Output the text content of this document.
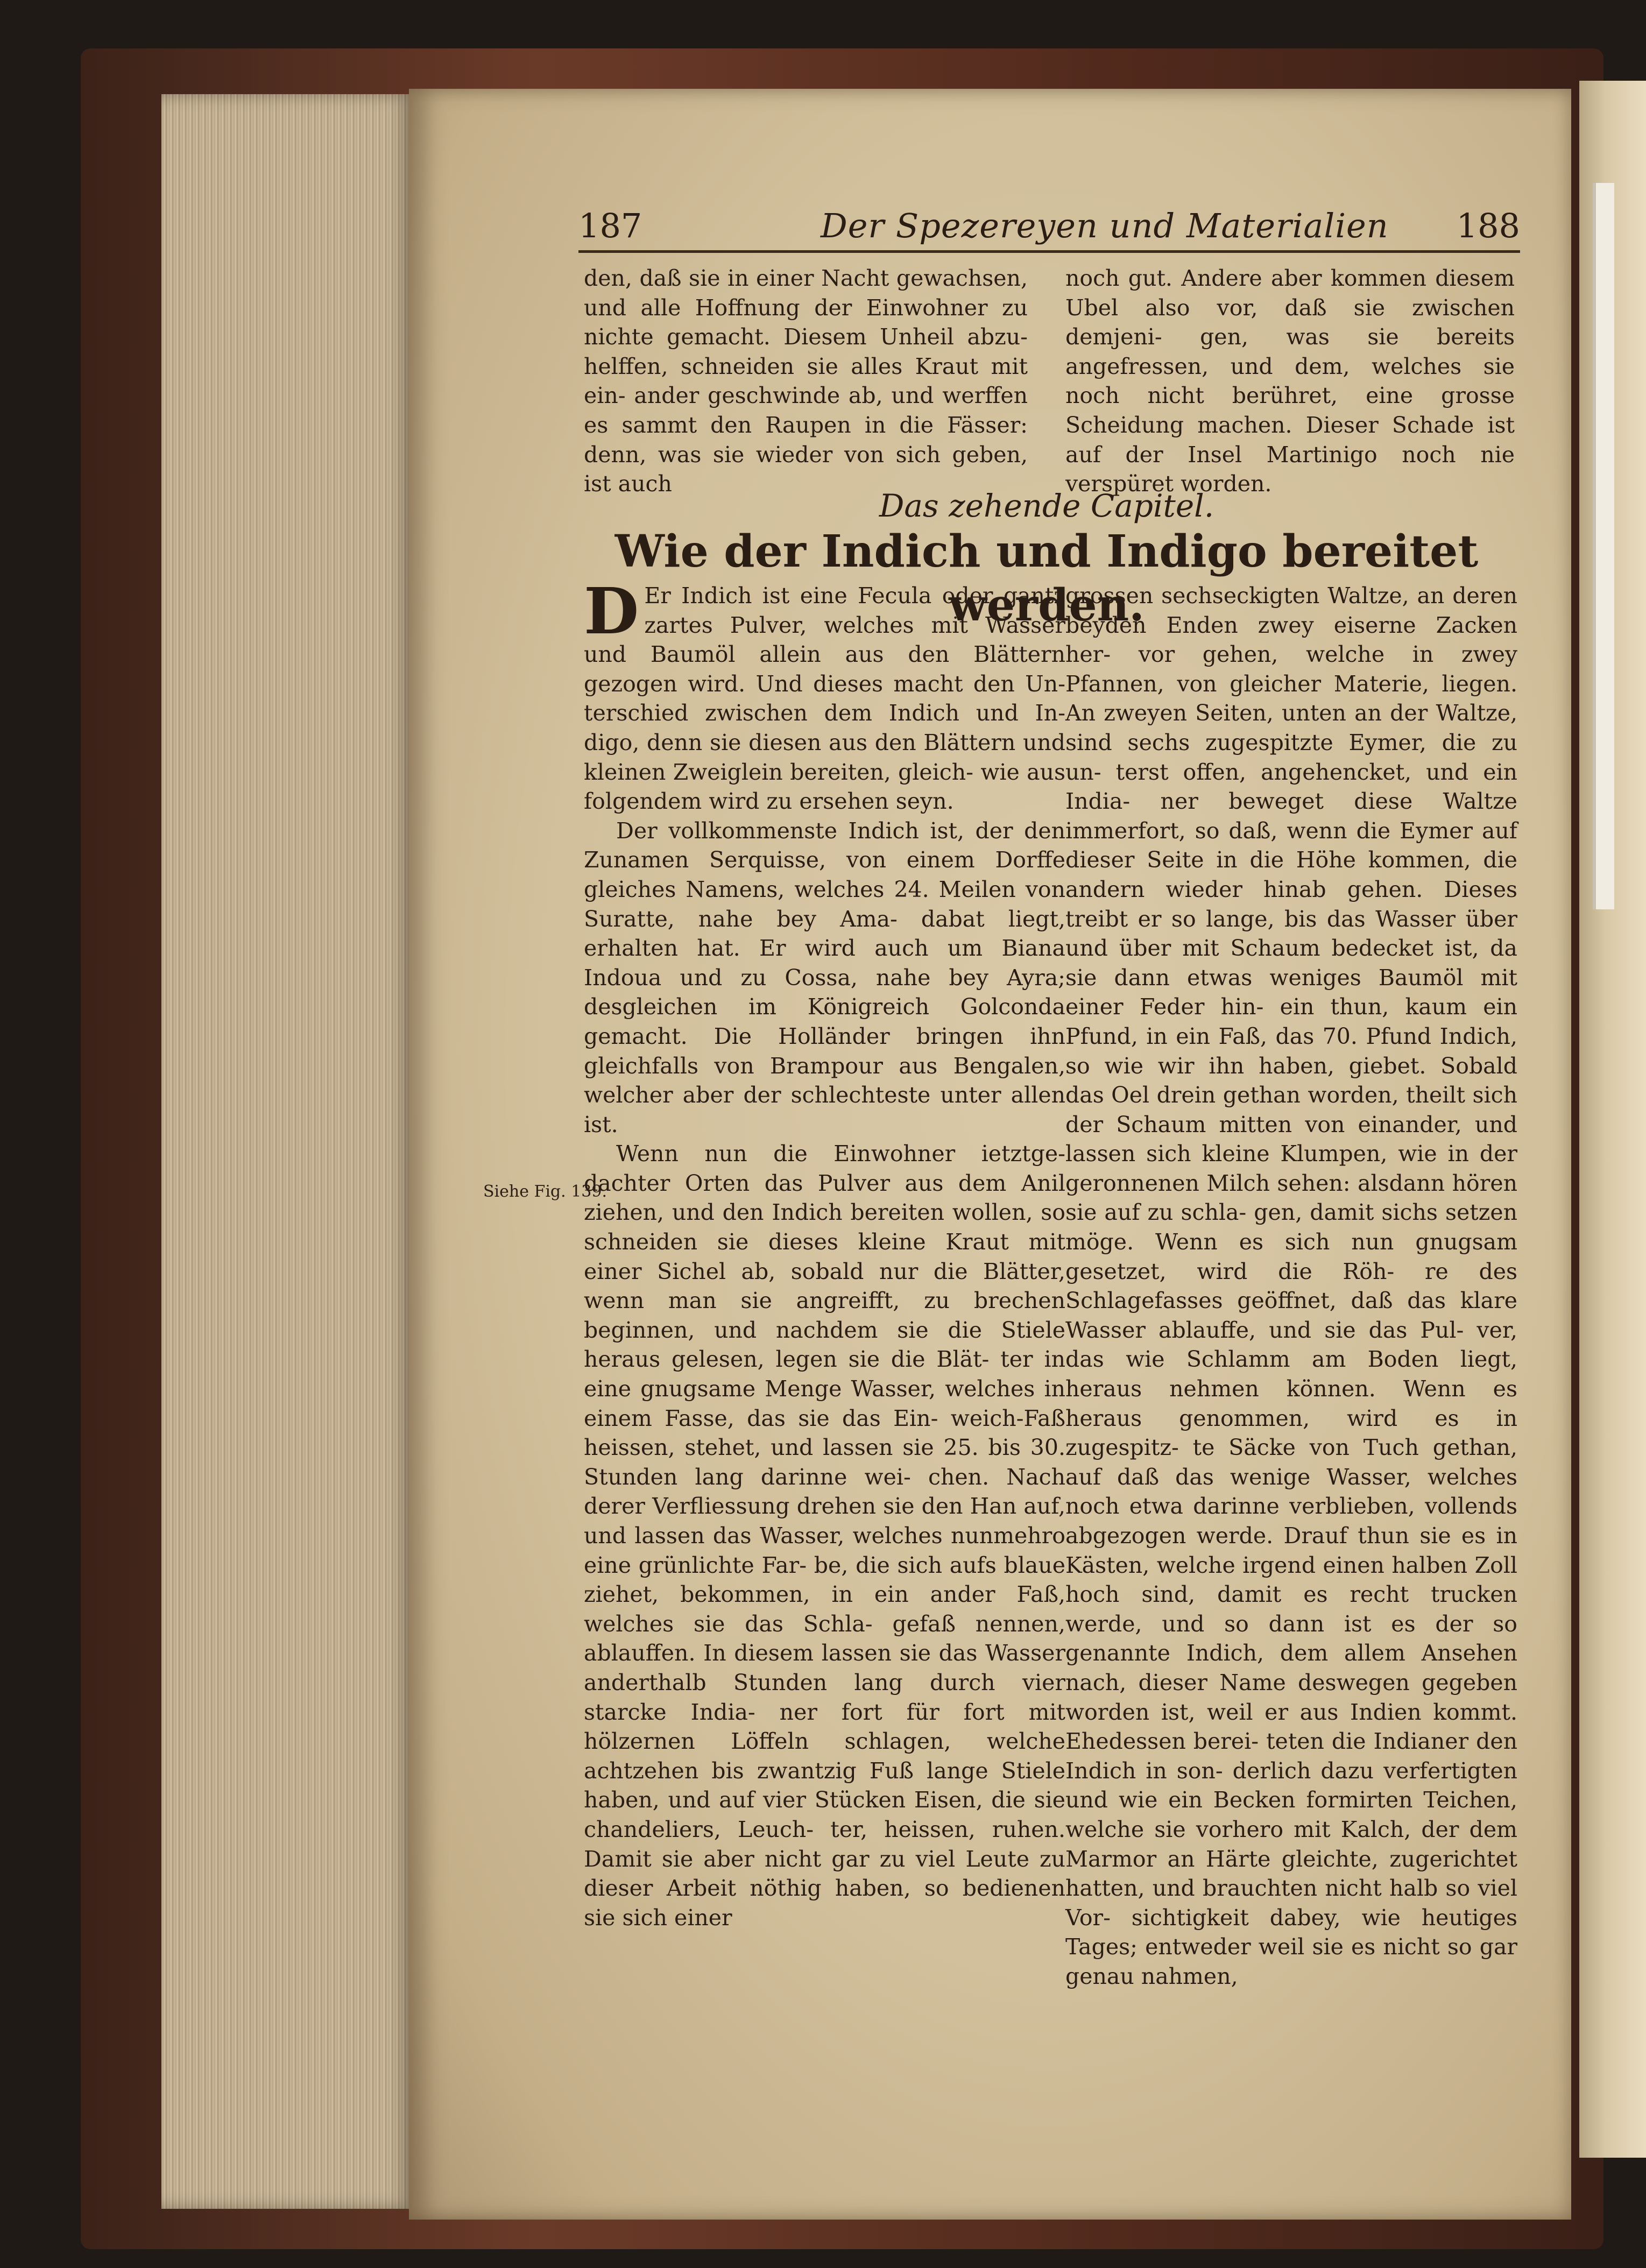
187	Der Spezereyen und Materialien 188

den, daß sie in einer Nacht gewachsen, und alle Hoffnung der Einwohner zu nichte gemacht. Diesem Unheil abzu- helffen, schneiden sie alles Kraut mit ein- ander geschwinde ab, und werffen es sammt den Raupen in die Fässer: denn, was sie wieder von sich geben, ist auch

noch gut. Andere aber kommen diesem Ubel also vor, daß sie zwischen demjeni- gen, was sie bereits angefressen, und dem, welches sie noch nicht berühret, eine grosse Scheidung machen. Dieser Schade ist auf der Insel Martinigo noch nie verspüret worden.

Das zehende Capitel.
Wie der Indich und Indigo bereitet werden.

D Er Indich ist eine Fecula oder gantz zartes Pulver, welches mit Wasser und Baumöl allein aus den Blättern gezogen wird. Und dieses macht den Un- terschied zwischen dem Indich und In- digo, denn sie diesen aus den Blättern und kleinen Zweiglein bereiten, gleich- wie aus folgendem wird zu ersehen seyn.

Der vollkommenste Indich ist, der den Zunamen Serquisse, von einem Dorffe gleiches Namens, welches 24. Meilen von Suratte, nahe bey Ama- dabat liegt, erhalten hat. Er wird auch um Biana Indoua und zu Cossa, nahe bey Ayra; desgleichen im Königreich Golconda gemacht. Die Holländer bringen ihn gleichfalls von Brampour aus Bengalen, welcher aber der schlechteste unter allen ist.

Wenn nun die Einwohner ietztge- dachter Orten das Pulver aus dem Anil ziehen, und den Indich bereiten wollen, so schneiden sie dieses kleine Kraut mit einer Sichel ab, sobald nur die Blätter, wenn man sie angreifft, zu brechen beginnen, und nachdem sie die Stiele heraus gelesen, legen sie die Blät- ter in eine gnugsame Menge Wasser, welches in einem Fasse, das sie das Ein- weich-Faß heissen, stehet, und lassen sie 25. bis 30. Stunden lang darinne wei- chen. Nach derer Verfliessung drehen sie den Han auf, und lassen das Wasser, welches nunmehro eine grünlichte Far- be, die sich aufs blaue ziehet, bekommen, in ein ander Faß, welches sie das Schla- gefaß nennen, ablauffen. In diesem lassen sie das Wasser anderthalb Stunden lang durch vier starcke India- ner fort für fort mit hölzernen Löffeln schlagen, welche achtzehen bis zwantzig Fuß lange Stiele haben, und auf vier Stücken Eisen, die sie chandeliers, Leuch- ter, heissen, ruhen. Damit sie aber nicht gar zu viel Leute zu dieser Arbeit nöthig haben, so bedienen sie sich einer

grossen sechseckigten Waltze, an deren beyden Enden zwey eiserne Zacken her- vor gehen, welche in zwey Pfannen, von gleicher Materie, liegen. An zweyen Seiten, unten an der Waltze, sind sechs zugespitzte Eymer, die zu un- terst offen, angehencket, und ein India- ner beweget diese Waltze immerfort, so daß, wenn die Eymer auf dieser Seite in die Höhe kommen, die andern wieder hinab gehen. Dieses treibt er so lange, bis das Wasser über und über mit Schaum bedecket ist, da sie dann etwas weniges Baumöl mit einer Feder hin- ein thun, kaum ein Pfund, in ein Faß, das 70. Pfund Indich, so wie wir ihn haben, giebet. Sobald das Oel drein gethan worden, theilt sich der Schaum mitten von einander, und lassen sich kleine Klumpen, wie in der geronnenen Milch sehen: alsdann hören sie auf zu schla- gen, damit sichs setzen möge. Wenn es sich nun gnugsam gesetzet, wird die Röh- re des Schlagefasses geöffnet, daß das klare Wasser ablauffe, und sie das Pul- ver, das wie Schlamm am Boden liegt, heraus nehmen können. Wenn es heraus genommen, wird es in zugespitz- te Säcke von Tuch gethan, auf daß das wenige Wasser, welches noch etwa darinne verblieben, vollends abgezogen werde. Drauf thun sie es in Kästen, welche irgend einen halben Zoll hoch sind, damit es recht trucken werde, und so dann ist es der so genannte Indich, dem allem Ansehen nach, dieser Name deswegen gegeben worden ist, weil er aus Indien kommt. Ehedessen berei- teten die Indianer den Indich in son- derlich dazu verfertigten und wie ein Becken formirten Teichen, welche sie vorhero mit Kalch, der dem Marmor an Härte gleichte, zugerichtet hatten, und brauchten nicht halb so viel Vor- sichtigkeit dabey, wie heutiges Tages; entweder weil sie es nicht so gar genau nahmen,

Siehe Fig. 139.
